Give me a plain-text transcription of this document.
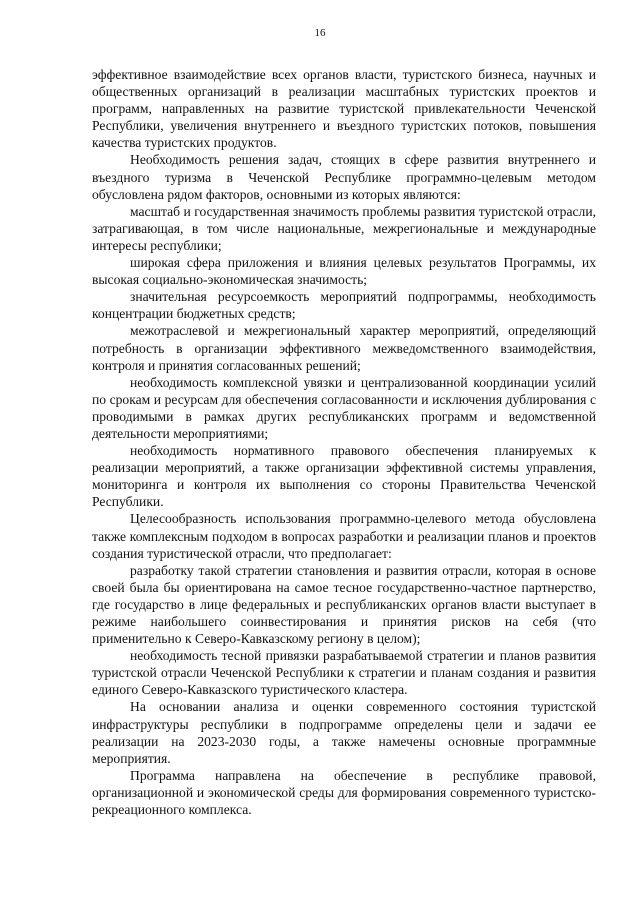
16

эффективное взаимодействие всех органов власти, туристского бизнеса, научных и общественных организаций в реализации масштабных туристских проектов и программ, направленных на развитие туристской привлекательности Чеченской Республики, увеличения внутреннего и въездного туристских потоков, повышения качества туристских продуктов.

Необходимость решения задач, стоящих в сфере развития внутреннего и въездного туризма в Чеченской Республике программно-целевым методом обусловлена рядом факторов, основными из которых являются:

масштаб и государственная значимость проблемы развития туристской отрасли, затрагивающая, в том числе национальные, межрегиональные и международные интересы республики;

широкая сфера приложения и влияния целевых результатов Программы, их высокая социально-экономическая значимость;

значительная ресурсоемкость мероприятий подпрограммы, необходимость концентрации бюджетных средств;

межотраслевой и межрегиональный характер мероприятий, определяющий потребность в организации эффективного межведомственного взаимодействия, контроля и принятия согласованных решений;

необходимость комплексной увязки и централизованной координации усилий по срокам и ресурсам для обеспечения согласованности и исключения дублирования с проводимыми в рамках других республиканских программ и ведомственной деятельности мероприятиями;

необходимость нормативного правового обеспечения планируемых к реализации мероприятий, а также организации эффективной системы управления, мониторинга и контроля их выполнения со стороны Правительства Чеченской Республики.

Целесообразность использования программно-целевого метода обусловлена также комплексным подходом в вопросах разработки и реализации планов и проектов создания туристической отрасли, что предполагает:

разработку такой стратегии становления и развития отрасли, которая в основе своей была бы ориентирована на самое тесное государственно-частное партнерство, где государство в лице федеральных и республиканских органов власти выступает в режиме наибольшего соинвестирования и принятия рисков на себя (что применительно к Северо-Кавказскому региону в целом);

необходимость тесной привязки разрабатываемой стратегии и планов развития туристской отрасли Чеченской Республики к стратегии и планам создания и развития единого Северо-Кавказского туристического кластера.

На основании анализа и оценки современного состояния туристской инфраструктуры республики в подпрограмме определены цели и задачи ее реализации на 2023-2030 годы, а также намечены основные программные мероприятия.

Программа направлена на обеспечение в республике правовой, организационной и экономической среды для формирования современного туристско-рекреационного комплекса.
